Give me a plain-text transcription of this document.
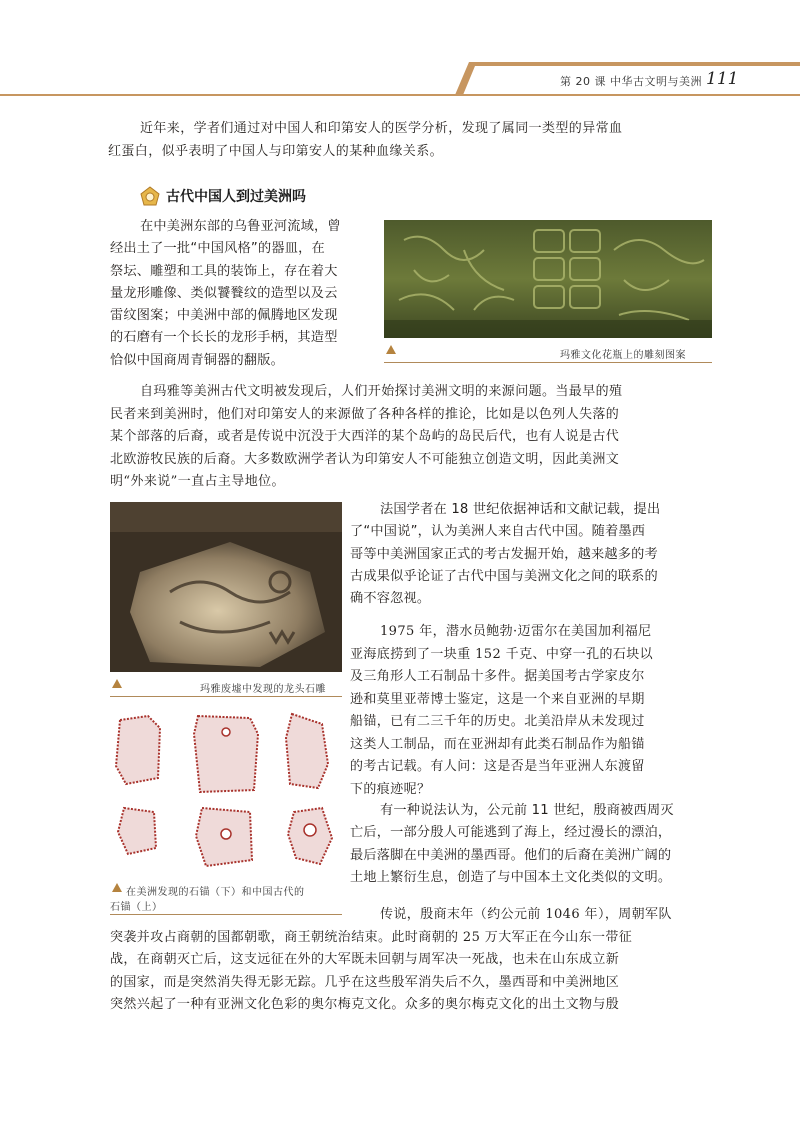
第 20 课 中华古文明与美洲 111
近年来，学者们通过对中国人和印第安人的医学分析，发现了属同一类型的异常血
红蛋白，似乎表明了中国人与印第安人的某种血缘关系。
古代中国人到过美洲吗
在中美洲东部的乌鲁亚河流域，曾
经出土了一批“中国风格”的器皿，在
祭坛、雕塑和工具的装饰上，存在着大
量龙形雕像、类似饕餮纹的造型以及云
雷纹图案；中美洲中部的佩腾地区发现
的石磨有一个长长的龙形手柄，其造型
恰似中国商周青铜器的翻版。	玛雅文化花瓶上的雕刻图案
自玛雅等美洲古代文明被发现后，人们开始探讨美洲文明的来源问题。当最早的殖
民者来到美洲时，他们对印第安人的来源做了各种各样的推论，比如是以色列人失落的
某个部落的后裔，或者是传说中沉没于大西洋的某个岛屿的岛民后代，也有人说是古代
北欧游牧民族的后裔。大多数欧洲学者认为印第安人不可能独立创造文明，因此美洲文
明“外来说”一直占主导地位。
玛雅废墟中发现的龙头石雕
在美洲发现的石锚（下）和中国古代的
石锚（上）
法国学者在 18 世纪依据神话和文献记载，提出
了“中国说”，认为美洲人来自古代中国。随着墨西
哥等中美洲国家正式的考古发掘开始，越来越多的考
古成果似乎论证了古代中国与美洲文化之间的联系的
确不容忽视。
1975 年，潜水员鲍勃·迈雷尔在美国加利福尼
亚海底捞到了一块重 152 千克、中穿一孔的石块以
及三角形人工石制品十多件。据美国考古学家皮尔
逊和莫里亚蒂博士鉴定，这是一个来自亚洲的早期
船锚，已有二三千年的历史。北美沿岸从未发现过
这类人工制品，而在亚洲却有此类石制品作为船锚
的考古记载。有人问：这是否是当年亚洲人东渡留
下的痕迹呢？
有一种说法认为，公元前 11 世纪，殷商被西周灭
亡后，一部分殷人可能逃到了海上，经过漫长的漂泊，
最后落脚在中美洲的墨西哥。他们的后裔在美洲广阔的
土地上繁衍生息，创造了与中国本土文化类似的文明。
传说，殷商末年（约公元前 1046 年），周朝军队
突袭并攻占商朝的国都朝歌，商王朝统治结束。此时商朝的 25 万大军正在今山东一带征
战，在商朝灭亡后，这支远征在外的大军既未回朝与周军决一死战，也未在山东成立新
的国家，而是突然消失得无影无踪。几乎在这些殷军消失后不久，墨西哥和中美洲地区
突然兴起了一种有亚洲文化色彩的奥尔梅克文化。众多的奥尔梅克文化的出土文物与殷
